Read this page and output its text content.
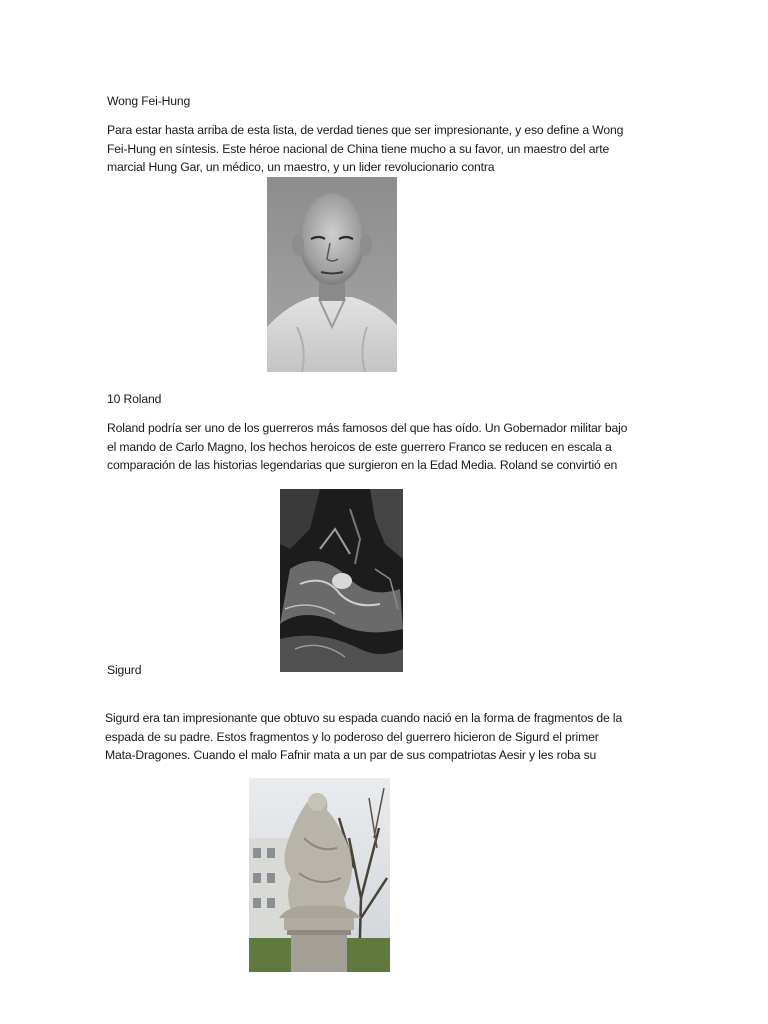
Wong Fei-Hung

Para estar hasta arriba de esta lista, de verdad tienes que ser impresionante, y eso define a Wong
Fei-Hung en síntesis. Este héroe nacional de China tiene mucho a su favor, un maestro del arte
marcial Hung Gar, un médico, un maestro, y un lider revolucionario contra

10 Roland

Roland podría ser uno de los guerreros más famosos del que has oído. Un Gobernador militar bajo
el mando de Carlo Magno, los hechos heroicos de este guerrero Franco se reducen en escala a
comparación de las historias legendarias que surgieron en la Edad Media. Roland se convirtió en

Sigurd

Sigurd era tan impresionante que obtuvo su espada cuando nació en la forma de fragmentos de la
espada de su padre. Estos fragmentos y lo poderoso del guerrero hicieron de Sigurd el primer
Mata-Dragones. Cuando el malo Fafnir mata a un par de sus compatriotas Aesir y les roba su
